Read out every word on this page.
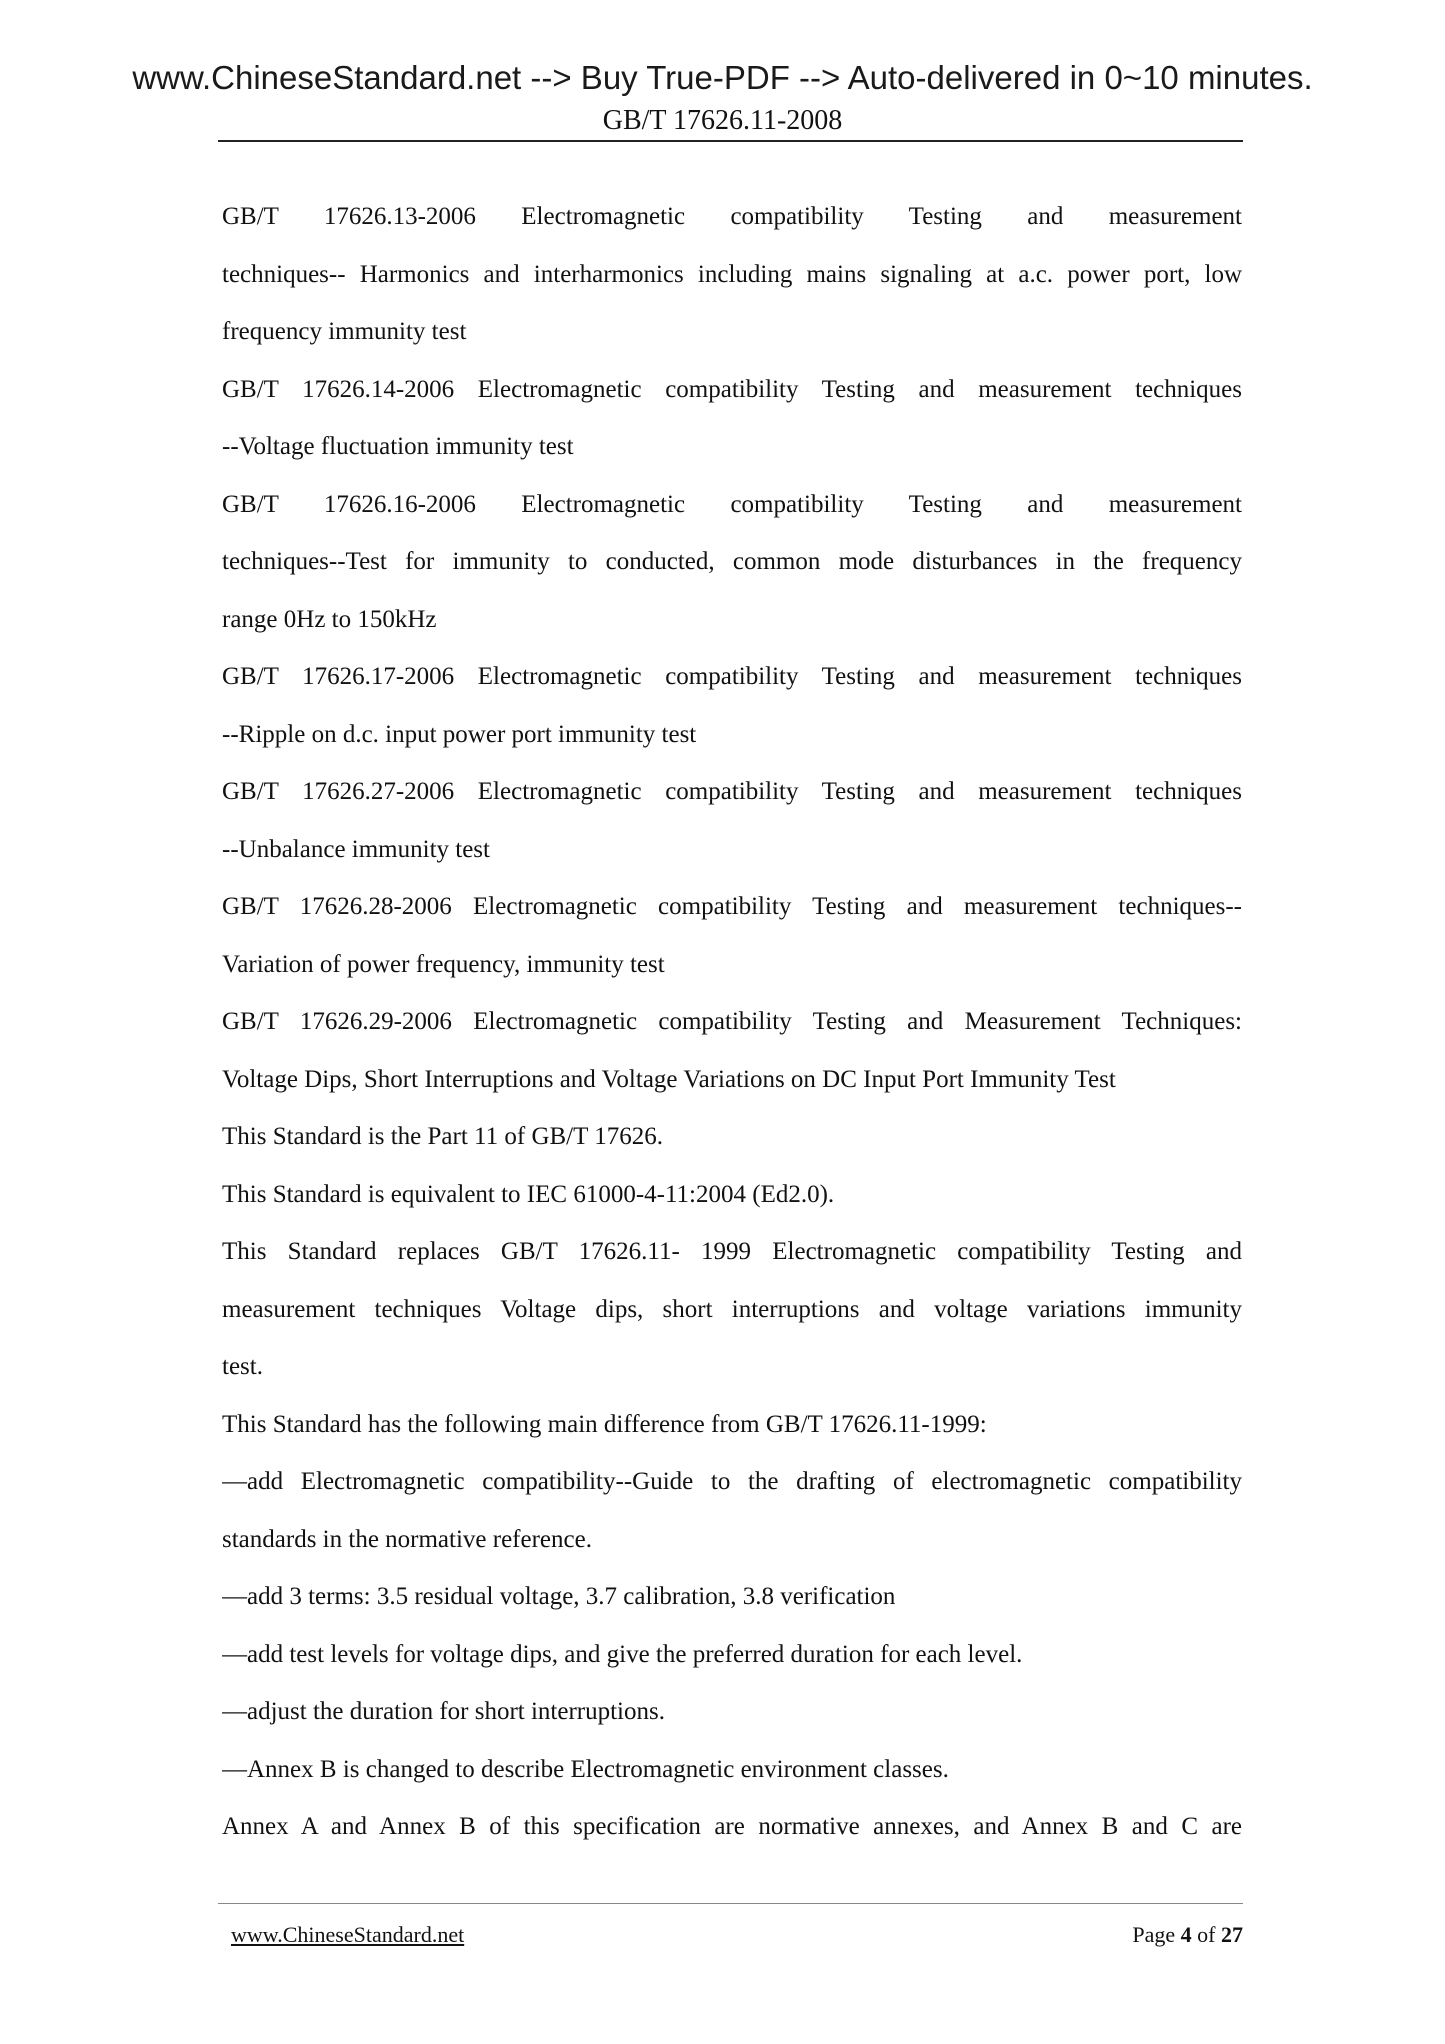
www.ChineseStandard.net --> Buy True-PDF --> Auto-delivered in 0~10 minutes.
GB/T 17626.11-2008
GB/T 17626.13-2006 Electromagnetic compatibility Testing and measurement
techniques-- Harmonics and interharmonics including mains signaling at a.c. power port, low
frequency immunity test
GB/T 17626.14-2006 Electromagnetic compatibility Testing and measurement techniques
--Voltage fluctuation immunity test
GB/T 17626.16-2006 Electromagnetic compatibility Testing and measurement
techniques--Test for immunity to conducted, common mode disturbances in the frequency
range 0Hz to 150kHz
GB/T 17626.17-2006 Electromagnetic compatibility Testing and measurement techniques
--Ripple on d.c. input power port immunity test
GB/T 17626.27-2006 Electromagnetic compatibility Testing and measurement techniques
--Unbalance immunity test
GB/T 17626.28-2006 Electromagnetic compatibility Testing and measurement techniques--
Variation of power frequency, immunity test
GB/T 17626.29-2006 Electromagnetic compatibility Testing and Measurement Techniques:
Voltage Dips, Short Interruptions and Voltage Variations on DC Input Port Immunity Test
This Standard is the Part 11 of GB/T 17626.
This Standard is equivalent to IEC 61000-4-11:2004 (Ed2.0).
This Standard replaces GB/T 17626.11- 1999 Electromagnetic compatibility Testing and
measurement techniques Voltage dips, short interruptions and voltage variations immunity
test.
This Standard has the following main difference from GB/T 17626.11-1999:
—add Electromagnetic compatibility--Guide to the drafting of electromagnetic compatibility
standards in the normative reference.
—add 3 terms: 3.5 residual voltage, 3.7 calibration, 3.8 verification
—add test levels for voltage dips, and give the preferred duration for each level.
—adjust the duration for short interruptions.
—Annex B is changed to describe Electromagnetic environment classes.
Annex A and Annex B of this specification are normative annexes, and Annex B and C are
www.ChineseStandard.net	Page 4 of 27
